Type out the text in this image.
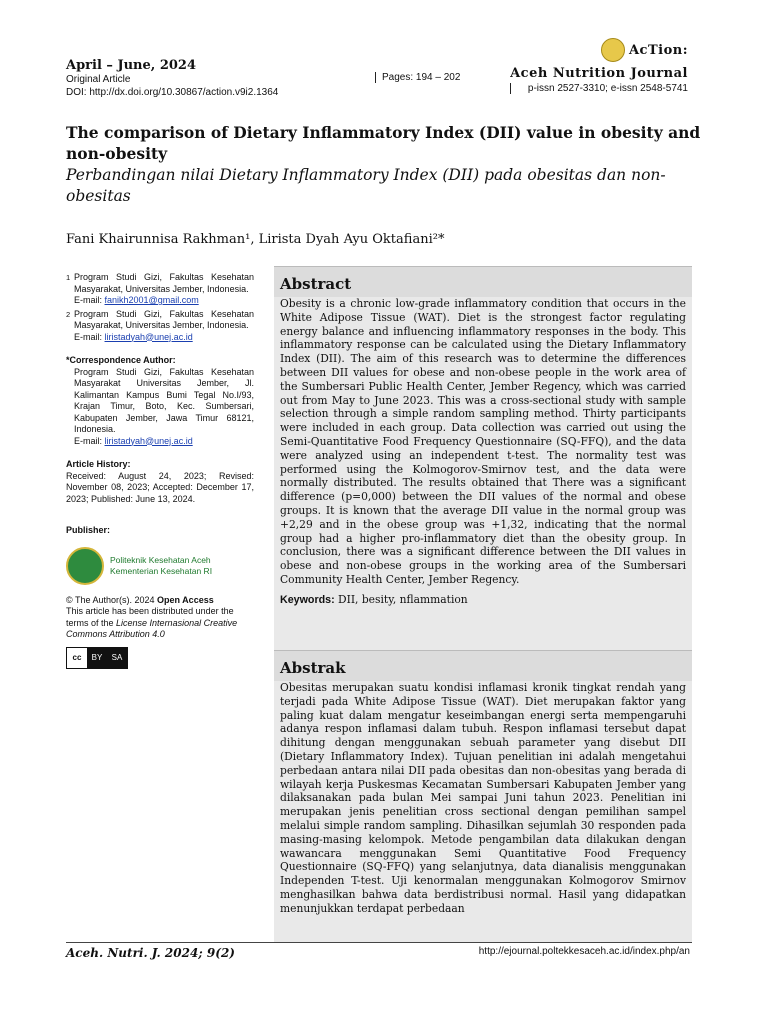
April – June, 2024
Original Article
DOI: http://dx.doi.org/10.30867/action.v9i2.1364
Pages: 194 – 202
AcTion:
Aceh Nutrition Journal
p-issn 2527-3310; e-issn 2548-5741
The comparison of Dietary Inflammatory Index (DII) value in obesity and non-obesity
Perbandingan nilai Dietary Inflammatory Index (DII) pada obesitas dan non-obesitas
Fani Khairunnisa Rakhman¹, Lirista Dyah Ayu Oktafiani²*
1 Program Studi Gizi, Fakultas Kesehatan Masyarakat, Universitas Jember, Indonesia.
E-mail: fanikh2001@gmail.com
2 Program Studi Gizi, Fakultas Kesehatan Masyarakat, Universitas Jember, Indonesia.
E-mail: liristadyah@unej.ac.id
*Correspondence Author:
Program Studi Gizi, Fakultas Kesehatan Masyarakat Universitas Jember, Jl. Kalimantan Kampus Bumi Tegal No.I/93, Krajan Timur, Boto, Kec. Sumbersari, Kabupaten Jember, Jawa Timur 68121, Indonesia.
E-mail: liristadyah@unej.ac.id
Article History:
Received: August 24, 2023; Revised: November 08, 2023; Accepted: December 17, 2023; Published: June 13, 2024.
Publisher:
Politeknik Kesehatan Aceh
Kementerian Kesehatan RI
© The Author(s). 2024 Open Access
This article has been distributed under the terms of the License Internasional Creative Commons Attribution 4.0
cc	BY	SA
Abstract
Obesity is a chronic low-grade inflammatory condition that occurs in the White Adipose Tissue (WAT). Diet is the strongest factor regulating energy balance and influencing inflammatory responses in the body. This inflammatory response can be calculated using the Dietary Inflammatory Index (DII). The aim of this research was to determine the differences between DII values for obese and non-obese people in the work area of the Sumbersari Public Health Center, Jember Regency, which was carried out from May to June 2023. This was a cross-sectional study with sample selection through a simple random sampling method. Thirty participants were included in each group. Data collection was carried out using the Semi-Quantitative Food Frequency Questionnaire (SQ-FFQ), and the data were analyzed using an independent t-test. The normality test was performed using the Kolmogorov-Smirnov test, and the data were normally distributed. The results obtained that There was a significant difference (p=0,000) between the DII values of the normal and obese groups. It is known that the average DII value in the normal group was +2,29 and in the obese group was +1,32, indicating that the normal group had a higher pro-inflammatory diet than the obesity group. In conclusion, there was a significant difference between the DII values in obese and non-obese groups in the working area of the Sumbersari Community Health Center, Jember Regency.
Keywords: DII, besity, nflammation
Abstrak
Obesitas merupakan suatu kondisi inflamasi kronik tingkat rendah yang terjadi pada White Adipose Tissue (WAT). Diet merupakan faktor yang paling kuat dalam mengatur keseimbangan energi serta mempengaruhi adanya respon inflamasi dalam tubuh. Respon inflamasi tersebut dapat dihitung dengan menggunakan sebuah parameter yang disebut DII (Dietary Inflammatory Index). Tujuan penelitian ini adalah mengetahui perbedaan antara nilai DII pada obesitas dan non-obesitas yang berada di wilayah kerja Puskesmas Kecamatan Sumbersari Kabupaten Jember yang dilaksanakan pada bulan Mei sampai Juni tahun 2023. Penelitian ini merupakan jenis penelitian cross sectional dengan pemilihan sampel melalui simple random sampling. Dihasilkan sejumlah 30 responden pada masing-masing kelompok. Metode pengambilan data dilakukan dengan wawancara menggunakan Semi Quantitative Food Frequency Questionnaire (SQ-FFQ) yang selanjutnya, data dianalisis menggunakan Independen T-test. Uji kenormalan menggunakan Kolmogorov Smirnov menghasilkan bahwa data berdistribusi normal. Hasil yang didapatkan menunjukkan terdapat perbedaan
Aceh. Nutri. J. 2024; 9(2)	http://ejournal.poltekkesaceh.ac.id/index.php/an
